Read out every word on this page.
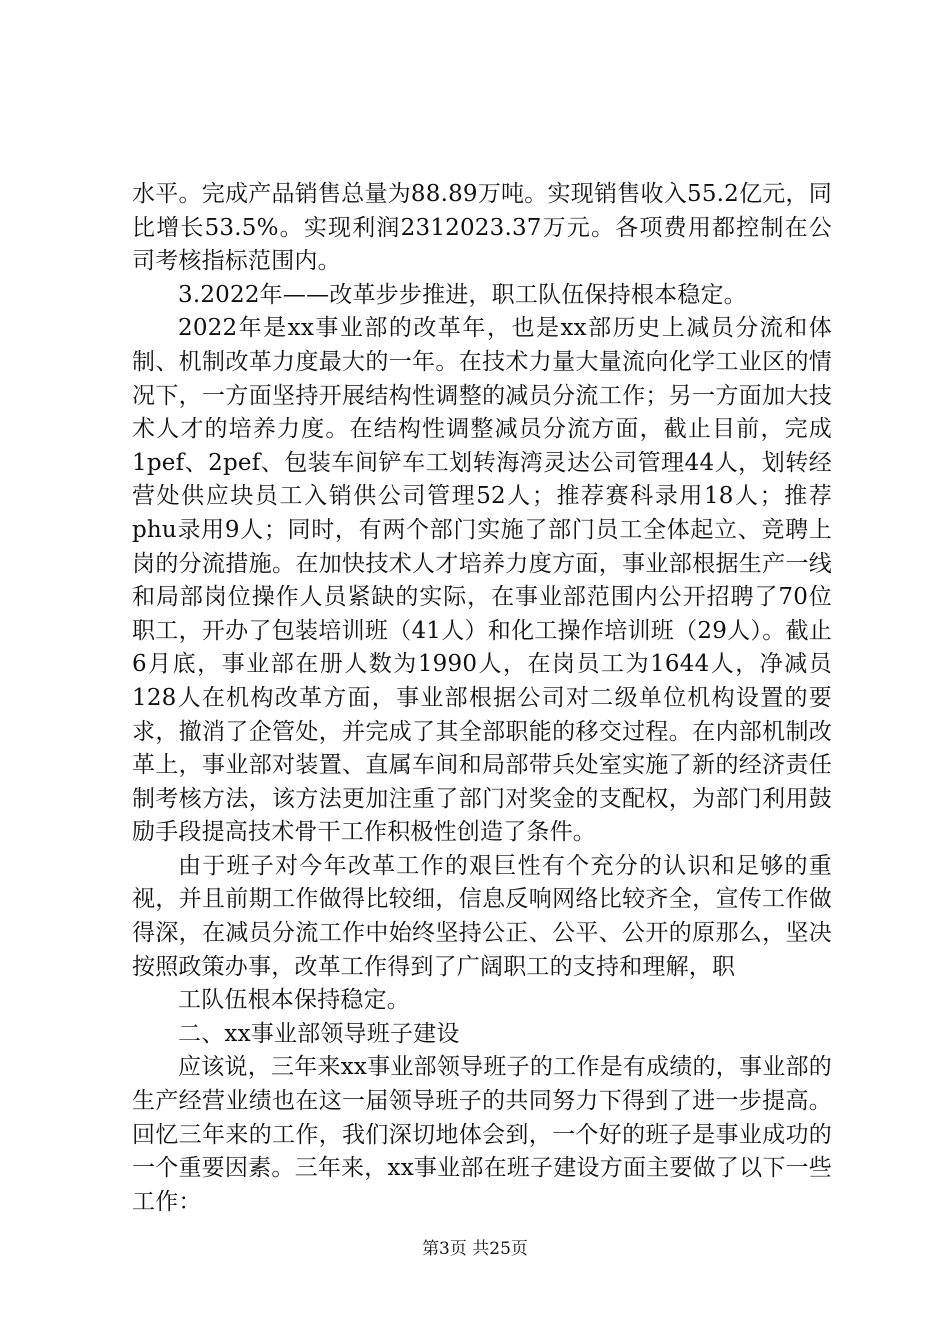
水平。完成产品销售总量为88.89万吨。实现销售收入55.2亿元，同比增长53.5%。实现利润2312023.37万元。各项费用都控制在公司考核指标范围内。

3.2022年——改革步步推进，职工队伍保持根本稳定。

2022年是xx事业部的改革年，也是xx部历史上减员分流和体制、机制改革力度最大的一年。在技术力量大量流向化学工业区的情况下，一方面坚持开展结构性调整的减员分流工作；另一方面加大技术人才的培养力度。在结构性调整减员分流方面，截止目前，完成1pef、2pef、包装车间铲车工划转海湾灵达公司管理44人，划转经营处供应块员工入销供公司管理52人；推荐赛科录用18人；推荐phu录用9人；同时，有两个部门实施了部门员工全体起立、竞聘上岗的分流措施。在加快技术人才培养力度方面，事业部根据生产一线和局部岗位操作人员紧缺的实际，在事业部范围内公开招聘了70位职工，开办了包装培训班（41人）和化工操作培训班（29人）。截止6月底，事业部在册人数为1990人，在岗员工为1644人，净减员128人在机构改革方面，事业部根据公司对二级单位机构设置的要求，撤消了企管处，并完成了其全部职能的移交过程。在内部机制改革上，事业部对装置、直属车间和局部带兵处室实施了新的经济责任制考核方法，该方法更加注重了部门对奖金的支配权，为部门利用鼓励手段提高技术骨干工作积极性创造了条件。

由于班子对今年改革工作的艰巨性有个充分的认识和足够的重视，并且前期工作做得比较细，信息反响网络比较齐全，宣传工作做得深，在减员分流工作中始终坚持公正、公平、公开的原那么，坚决按照政策办事，改革工作得到了广阔职工的支持和理解，职

工队伍根本保持稳定。

二、xx事业部领导班子建设

应该说，三年来xx事业部领导班子的工作是有成绩的，事业部的生产经营业绩也在这一届领导班子的共同努力下得到了进一步提高。回忆三年来的工作，我们深切地体会到，一个好的班子是事业成功的一个重要因素。三年来，xx事业部在班子建设方面主要做了以下一些工作：

第3页 共25页
